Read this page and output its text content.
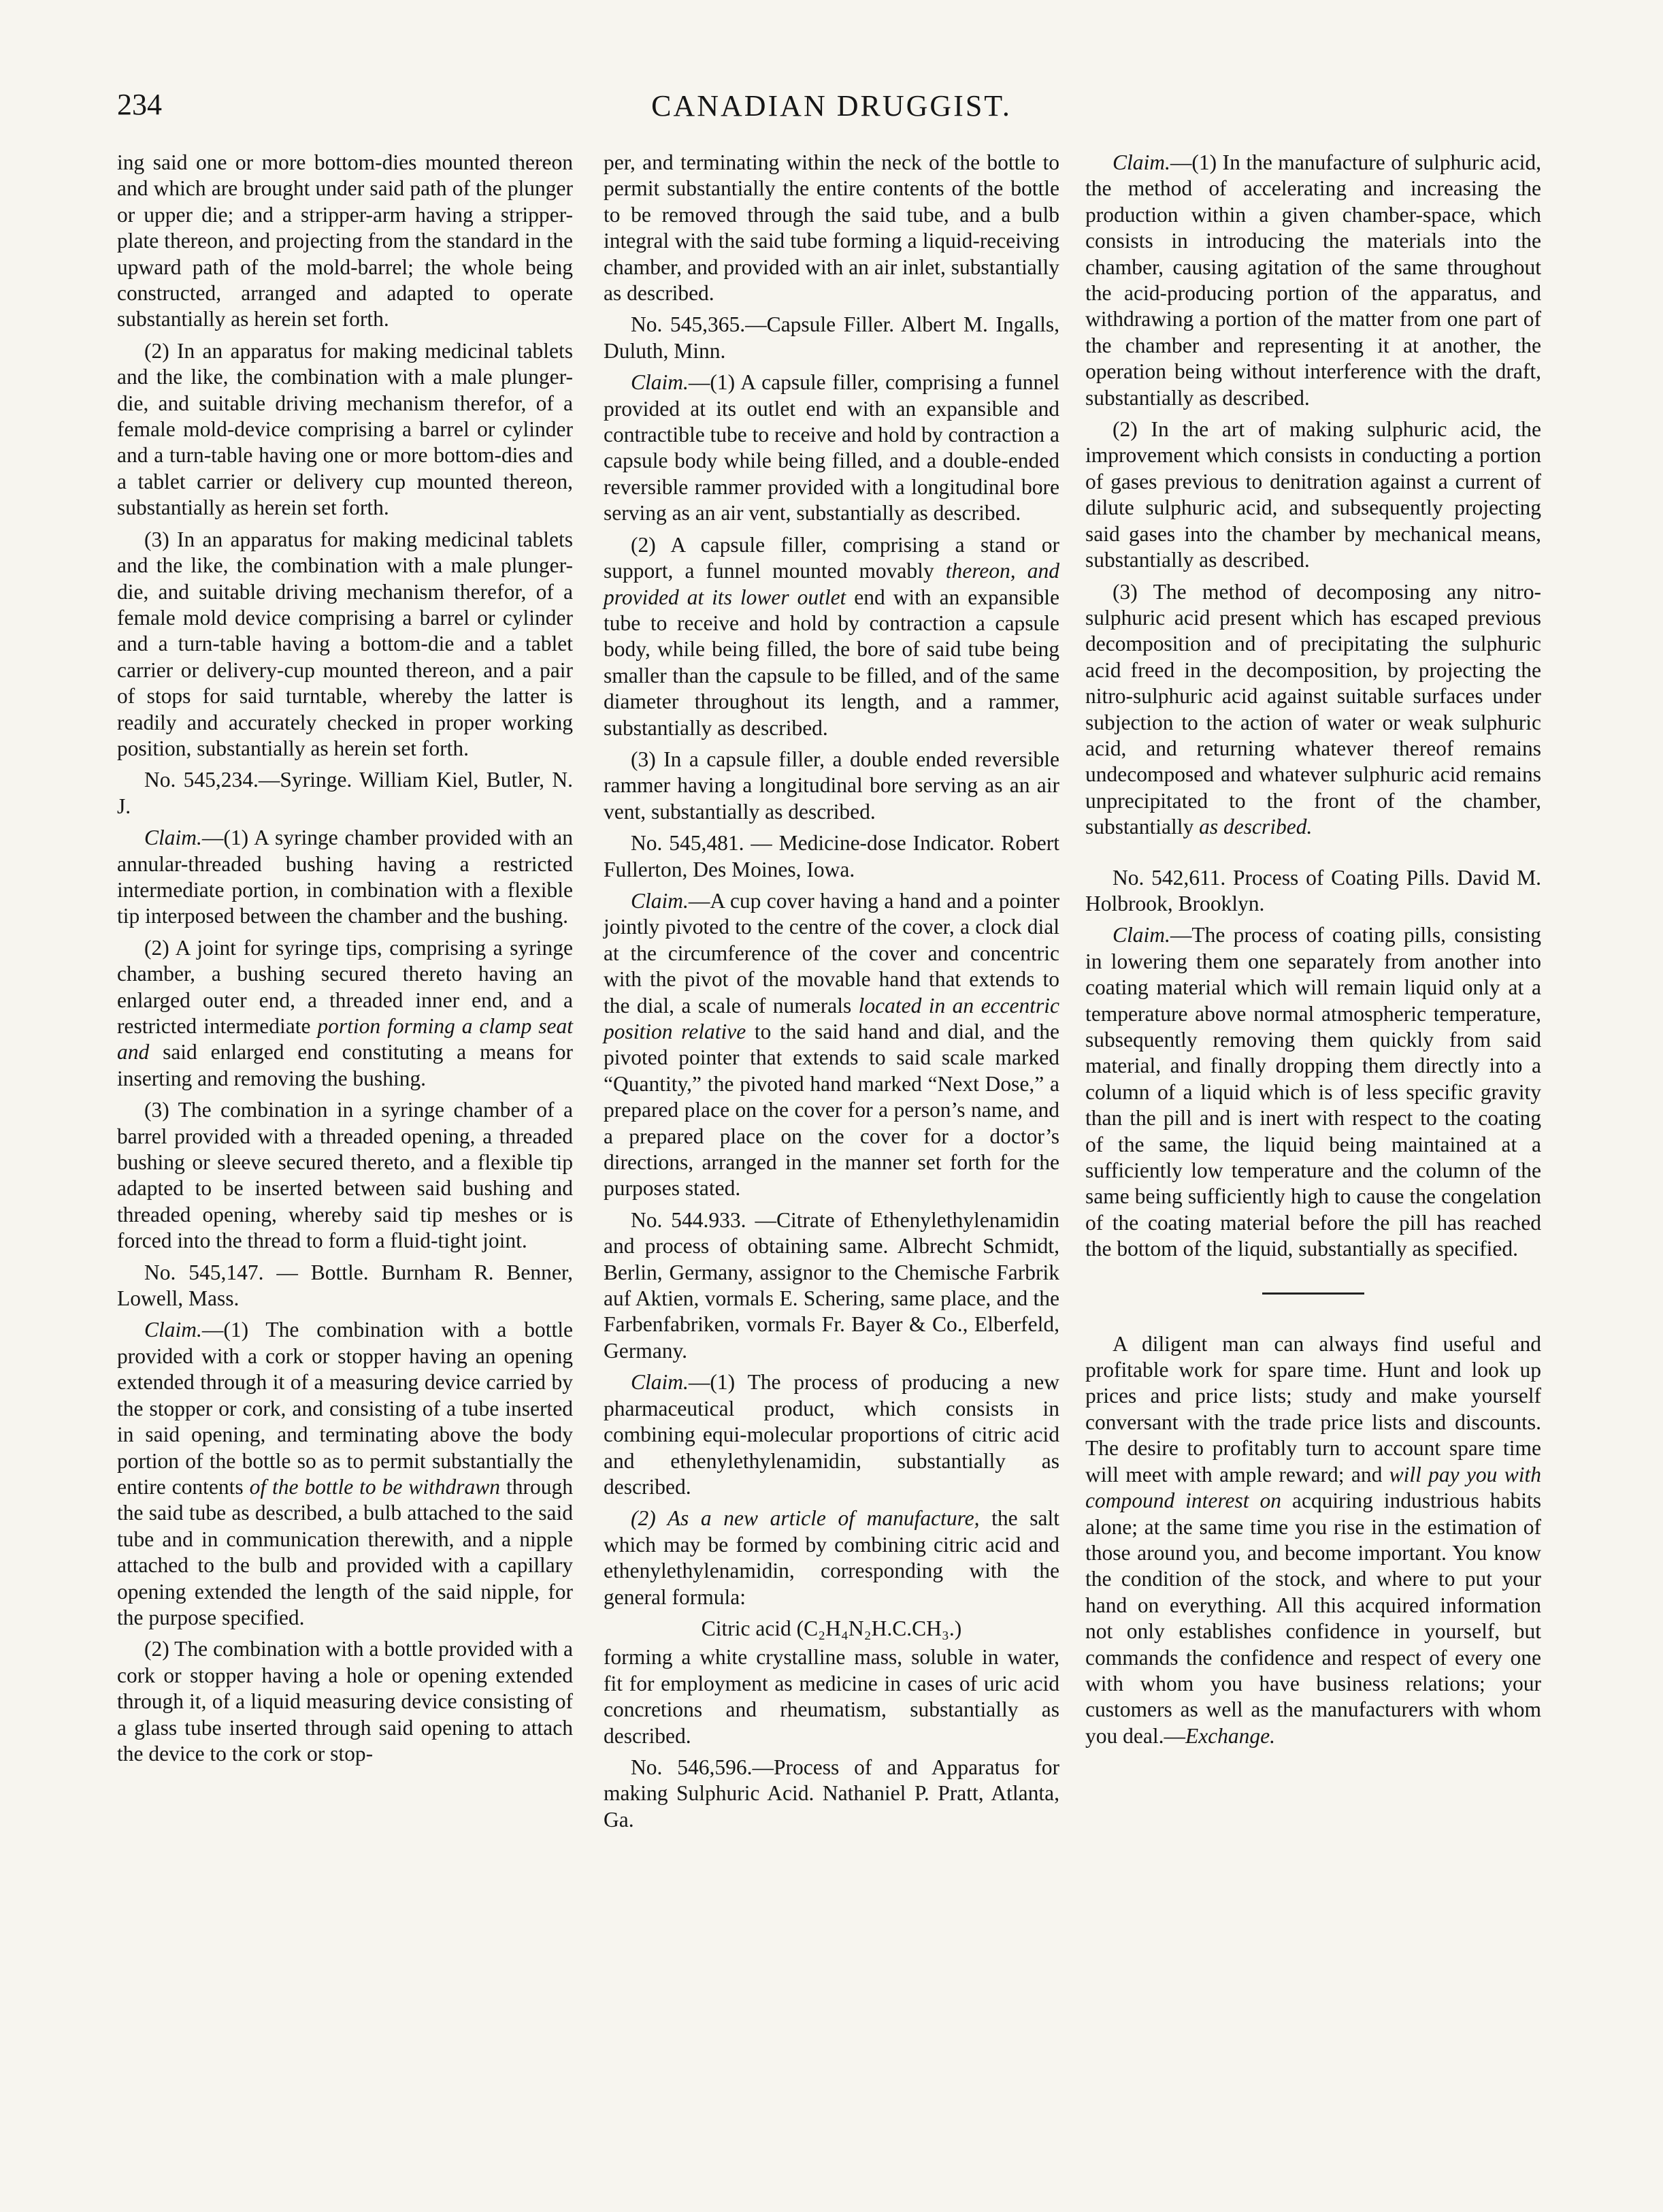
234	CANADIAN DRUGGIST.

ing said one or more bottom-dies mounted thereon and which are brought under said path of the plunger or upper die; and a stripper-arm having a stripper-plate thereon, and projecting from the standard in the upward path of the mold-barrel; the whole being constructed, arranged and adapted to operate substantially as herein set forth.

(2) In an apparatus for making medicinal tablets and the like, the combination with a male plunger-die, and suitable driving mechanism therefor, of a female mold-device comprising a barrel or cylinder and a turn-table having one or more bottom-dies and a tablet carrier or delivery cup mounted thereon, substantially as herein set forth.

(3) In an apparatus for making medicinal tablets and the like, the combination with a male plunger-die, and suitable driving mechanism therefor, of a female mold device comprising a barrel or cylinder and a turn-table having a bottom-die and a tablet carrier or delivery-cup mounted thereon, and a pair of stops for said turntable, whereby the latter is readily and accurately checked in proper working position, substantially as herein set forth.

No. 545,234.—Syringe. William Kiel, Butler, N. J.

Claim.—(1) A syringe chamber provided with an annular-threaded bushing having a restricted intermediate portion, in combination with a flexible tip interposed between the chamber and the bushing.

(2) A joint for syringe tips, comprising a syringe chamber, a bushing secured thereto having an enlarged outer end, a threaded inner end, and a restricted intermediate portion forming a clamp seat and said enlarged end constituting a means for inserting and removing the bushing.

(3) The combination in a syringe chamber of a barrel provided with a threaded opening, a threaded bushing or sleeve secured thereto, and a flexible tip adapted to be inserted between said bushing and threaded opening, whereby said tip meshes or is forced into the thread to form a fluid-tight joint.

No. 545,147. — Bottle. Burnham R. Benner, Lowell, Mass.

Claim.—(1) The combination with a bottle provided with a cork or stopper having an opening extended through it of a measuring device carried by the stopper or cork, and consisting of a tube inserted in said opening, and terminating above the body portion of the bottle so as to permit substantially the entire contents of the bottle to be withdrawn through the said tube as described, a bulb attached to the said tube and in communication therewith, and a nipple attached to the bulb and provided with a capillary opening extended the length of the said nipple, for the purpose specified.

(2) The combination with a bottle provided with a cork or stopper having a hole or opening extended through it, of a liquid measuring device consisting of a glass tube inserted through said opening to attach the device to the cork or stop-

per, and terminating within the neck of the bottle to permit substantially the entire contents of the bottle to be removed through the said tube, and a bulb integral with the said tube forming a liquid-receiving chamber, and provided with an air inlet, substantially as described.

No. 545,365.—Capsule Filler. Albert M. Ingalls, Duluth, Minn.

Claim.—(1) A capsule filler, comprising a funnel provided at its outlet end with an expansible and contractible tube to receive and hold by contraction a capsule body while being filled, and a double-ended reversible rammer provided with a longitudinal bore serving as an air vent, substantially as described.

(2) A capsule filler, comprising a stand or support, a funnel mounted movably thereon, and provided at its lower outlet end with an expansible tube to receive and hold by contraction a capsule body, while being filled, the bore of said tube being smaller than the capsule to be filled, and of the same diameter throughout its length, and a rammer, substantially as described.

(3) In a capsule filler, a double ended reversible rammer having a longitudinal bore serving as an air vent, substantially as described.

No. 545,481. — Medicine-dose Indicator. Robert Fullerton, Des Moines, Iowa.

Claim.—A cup cover having a hand and a pointer jointly pivoted to the centre of the cover, a clock dial at the circumference of the cover and concentric with the pivot of the movable hand that extends to the dial, a scale of numerals located in an eccentric position relative to the said hand and dial, and the pivoted pointer that extends to said scale marked “Quantity,” the pivoted hand marked “Next Dose,” a prepared place on the cover for a person’s name, and a prepared place on the cover for a doctor’s directions, arranged in the manner set forth for the purposes stated.

No. 544.933. —Citrate of Ethenylethylenamidin and process of obtaining same. Albrecht Schmidt, Berlin, Germany, assignor to the Chemische Farbrik auf Aktien, vormals E. Schering, same place, and the Farbenfabriken, vormals Fr. Bayer & Co., Elberfeld, Germany.

Claim.—(1) The process of producing a new pharmaceutical product, which consists in combining equi-molecular proportions of citric acid and ethenylethylenamidin, substantially as described.

(2) As a new article of manufacture, the salt which may be formed by combining citric acid and ethenylethylenamidin, corresponding with the general formula:

Citric acid (C₂H₄N₂H.C.CH₃.)

forming a white crystalline mass, soluble in water, fit for employment as medicine in cases of uric acid concretions and rheumatism, substantially as described.

No. 546,596.—Process of and Apparatus for making Sulphuric Acid. Nathaniel P. Pratt, Atlanta, Ga.

Claim.—(1) In the manufacture of sulphuric acid, the method of accelerating and increasing the production within a given chamber-space, which consists in introducing the materials into the chamber, causing agitation of the same throughout the acid-producing portion of the apparatus, and withdrawing a portion of the matter from one part of the chamber and representing it at another, the operation being without interference with the draft, substantially as described.

(2) In the art of making sulphuric acid, the improvement which consists in conducting a portion of gases previous to denitration against a current of dilute sulphuric acid, and subsequently projecting said gases into the chamber by mechanical means, substantially as described.

(3) The method of decomposing any nitro-sulphuric acid present which has escaped previous decomposition and of precipitating the sulphuric acid freed in the decomposition, by projecting the nitro-sulphuric acid against suitable surfaces under subjection to the action of water or weak sulphuric acid, and returning whatever thereof remains undecomposed and whatever sulphuric acid remains unprecipitated to the front of the chamber, substantially as described.

No. 542,611. Process of Coating Pills. David M. Holbrook, Brooklyn.

Claim.—The process of coating pills, consisting in lowering them one separately from another into coating material which will remain liquid only at a temperature above normal atmospheric temperature, subsequently removing them quickly from said material, and finally dropping them directly into a column of a liquid which is of less specific gravity than the pill and is inert with respect to the coating of the same, the liquid being maintained at a sufficiently low temperature and the column of the same being sufficiently high to cause the congelation of the coating material before the pill has reached the bottom of the liquid, substantially as specified.

A diligent man can always find useful and profitable work for spare time. Hunt and look up prices and price lists; study and make yourself conversant with the trade price lists and discounts. The desire to profitably turn to account spare time will meet with ample reward; and will pay you with compound interest on acquiring industrious habits alone; at the same time you rise in the estimation of those around you, and become important. You know the condition of the stock, and where to put your hand on everything. All this acquired information not only establishes confidence in yourself, but commands the confidence and respect of every one with whom you have business relations; your customers as well as the manufacturers with whom you deal.—Exchange.
